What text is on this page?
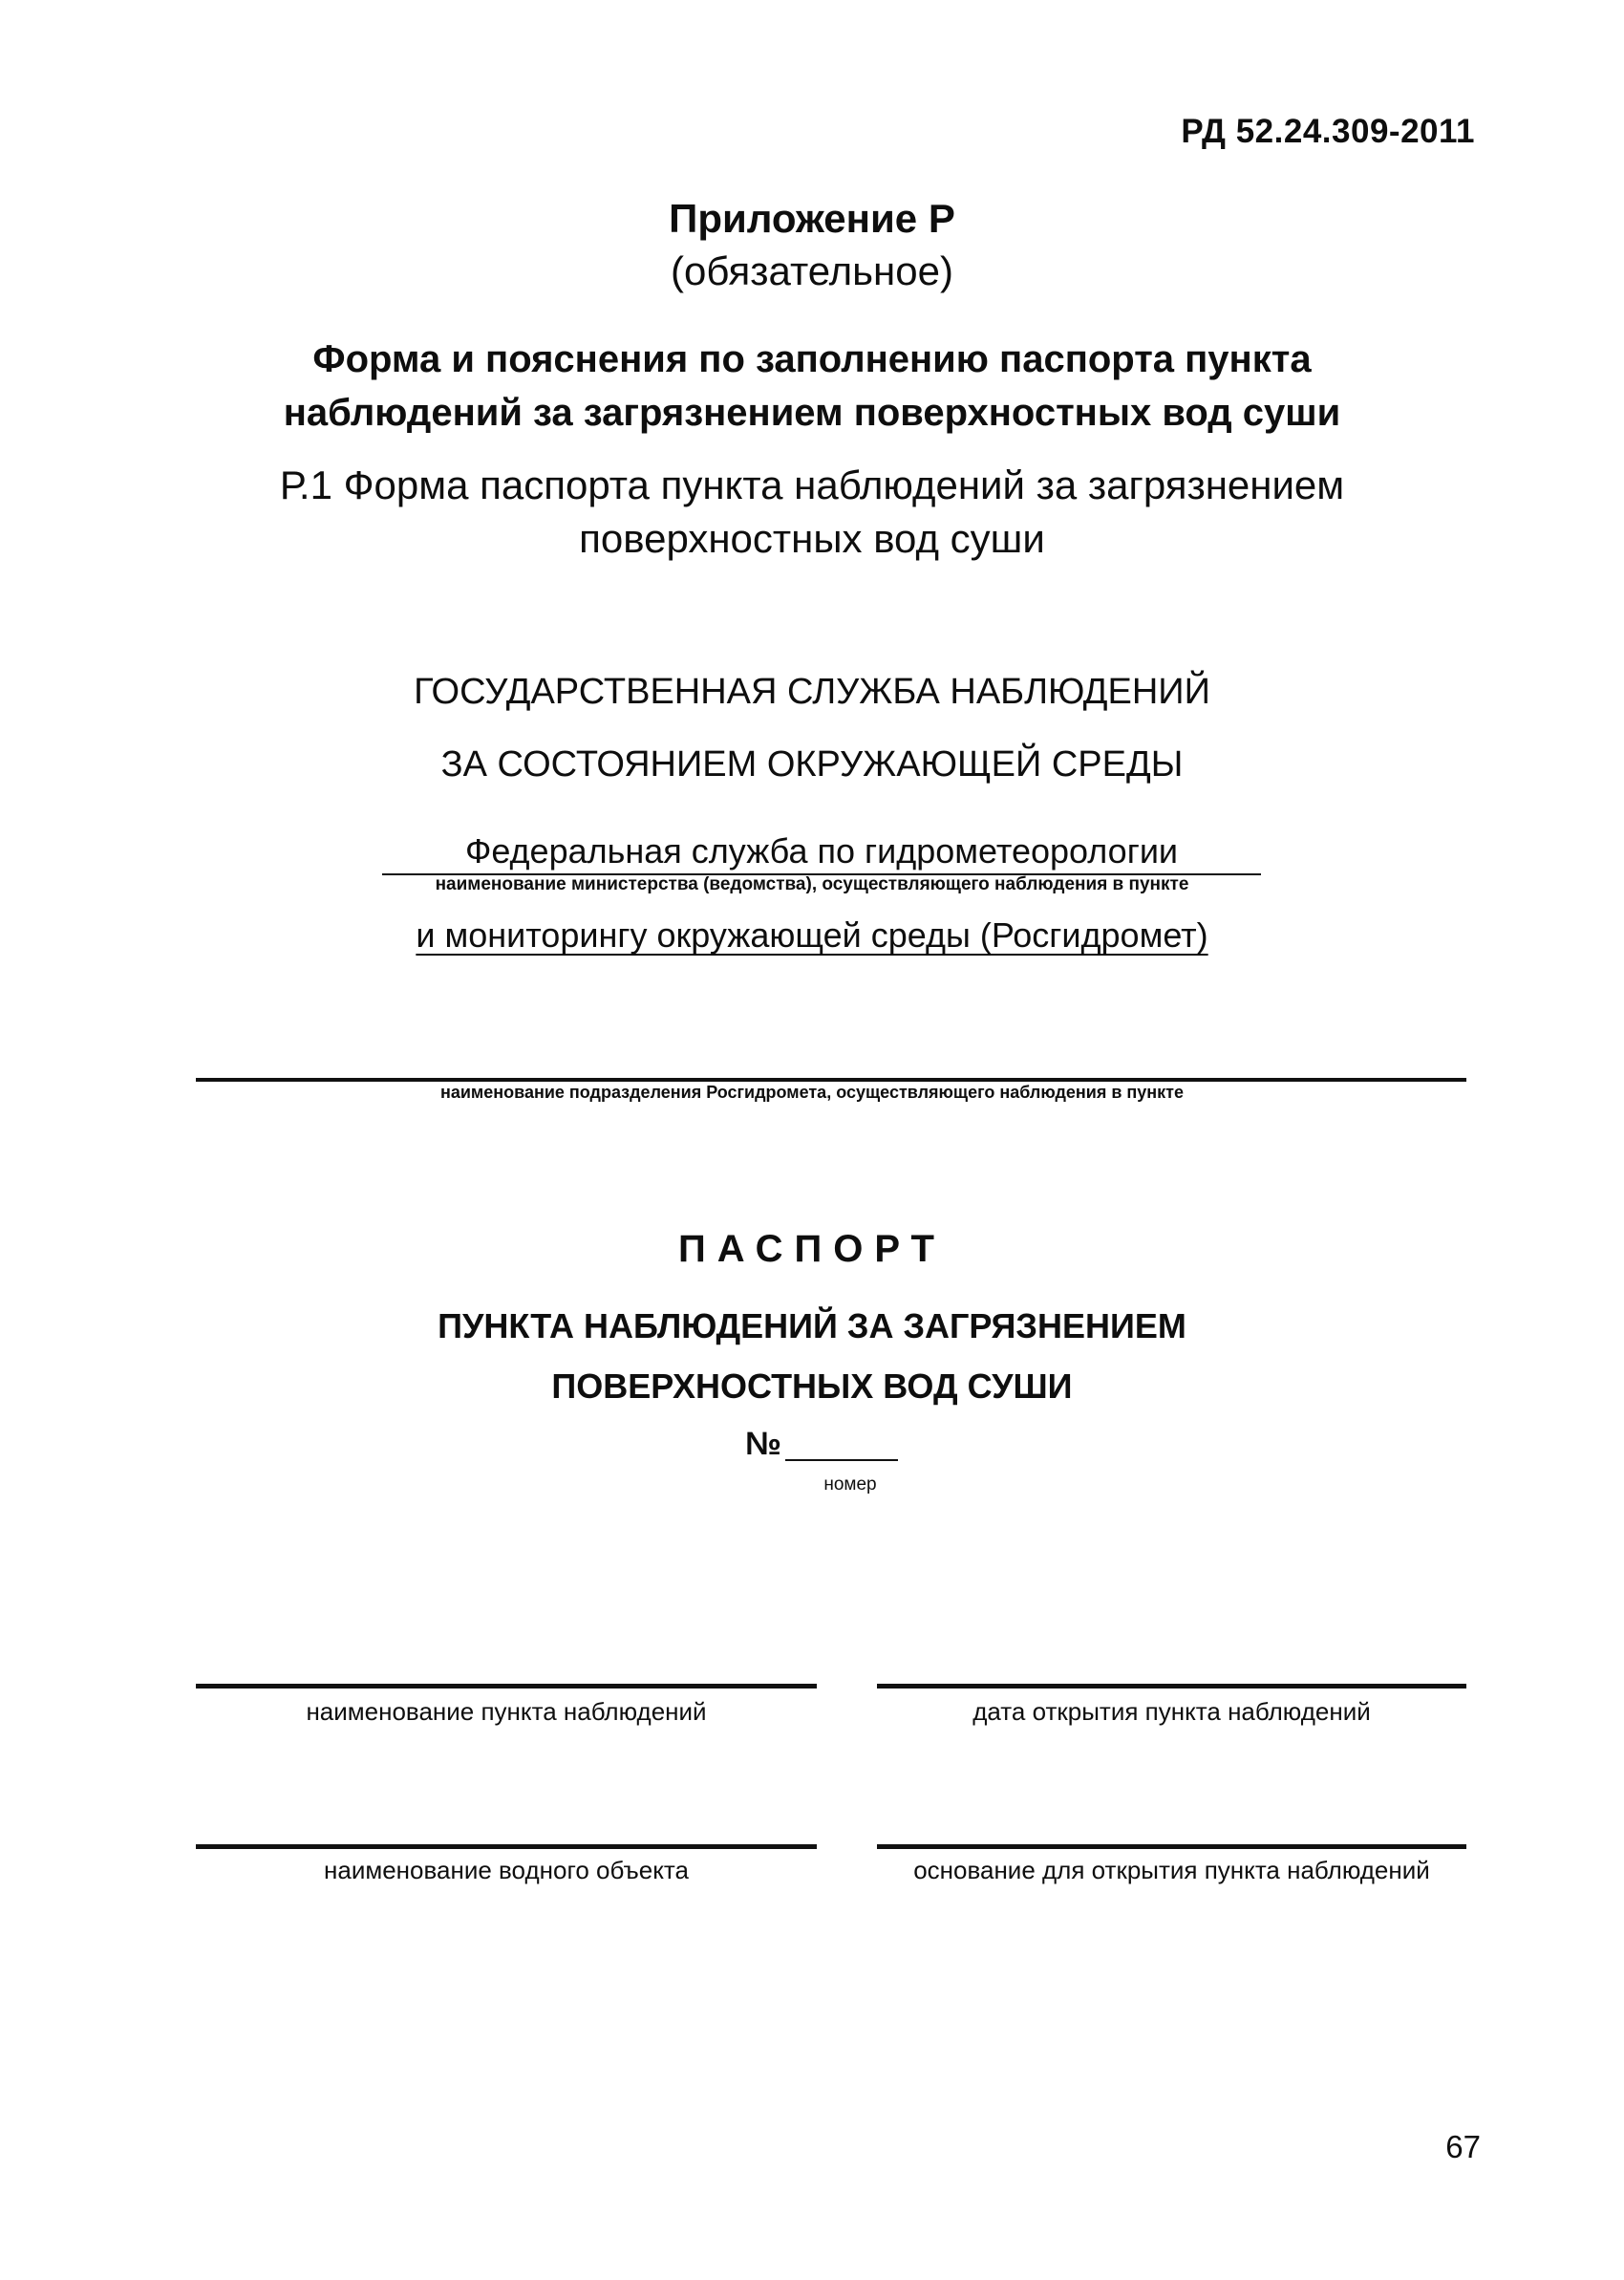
РД 52.24.309-2011
Приложение Р
(обязательное)
Форма и пояснения по заполнению паспорта пункта
наблюдений за загрязнением поверхностных вод суши
Р.1 Форма паспорта пункта наблюдений за загрязнением
поверхностных вод суши
ГОСУДАРСТВЕННАЯ СЛУЖБА НАБЛЮДЕНИЙ
ЗА СОСТОЯНИЕМ ОКРУЖАЮЩЕЙ СРЕДЫ
Федеральная служба по гидрометеорологии
наименование министерства (ведомства), осуществляющего наблюдения в пункте
и мониторингу окружающей среды (Росгидромет)
наименование подразделения Росгидромета, осуществляющего наблюдения в пункте
ПАСПОРТ
ПУНКТА НАБЛЮДЕНИЙ ЗА ЗАГРЯЗНЕНИЕМ
ПОВЕРХНОСТНЫХ ВОД СУШИ
№
номер
наименование пункта наблюдений	дата открытия пункта наблюдений
наименование водного объекта	основание для открытия пункта наблюдений
67
